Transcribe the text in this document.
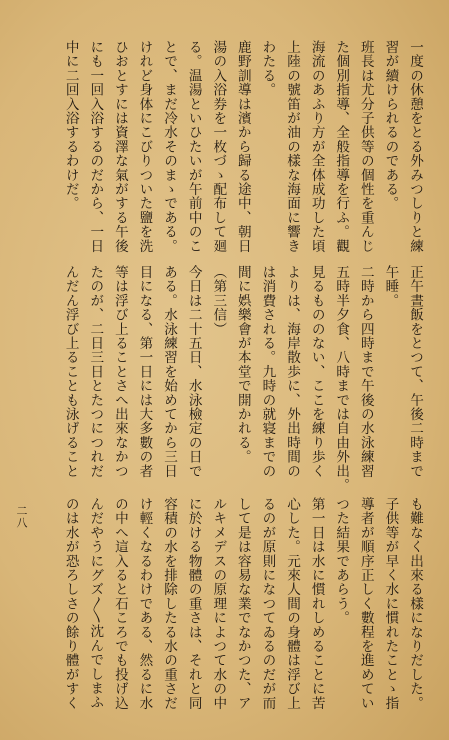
一度の休憩をとる外みつしりと練

習が續けられるのである。

班長は尤分子供等の個性を重んじ

た個別指導、全般指導を行ふ。觀

海流のあふり方が全体成功した頃

上陸の號笛が油の樣な海面に響き

わたる。

鹿野訓導は濱から歸る途中、朝日

湯の入浴券を一枚づゝ配布して廻

る。温湯といひたいが午前中のこ

とで、まだ冷水そのまゝである。

けれど身体にこびりついた鹽を洗

ひおとすには資澤な氣がする午後

にも一回入浴するのだから、一日

中に二回入浴するわけだ。

正午晝飯をとつて、午後二時まで

午睡。

二時から四時まで午後の水泳練習

五時半夕食、八時までは自由外出。

見るもののない、ここを練り歩く

よりは、海岸散歩に、外出時間の

は消費される。九時の就寝までの

間に娯樂會が本堂で開かれる。

（第三信）

今日は二十五日、水泳檢定の日で

ある。水泳練習を始めてから三日

目になる、第一日には大多數の者

等は浮び上ることさへ出來なかつ

たのが、二日三日とたつにつれだ

んだん浮び上ることも泳げること

も難なく出來る樣になりだした。

子供等が早く水に慣れたことゝ指

導者が順序正しく數程を進めてい

つた結果であらう。

第一日は水に慣れしめることに苦

心した。元來人間の身體は浮び上

るのが原則になつてゐるのだが而

して是は容易な業でなかつた、ア

ルキメデスの原理によつて水の中

に於ける物體の重さは、それと同

容積の水を排除したる水の重さだ

け輕くなるわけである、然るに水

の中へ這入ると石ころでも投げ込

んだやうにグズ〳〵沈んでしまふ

のは水が恐ろしさの餘り體がすく

二八
